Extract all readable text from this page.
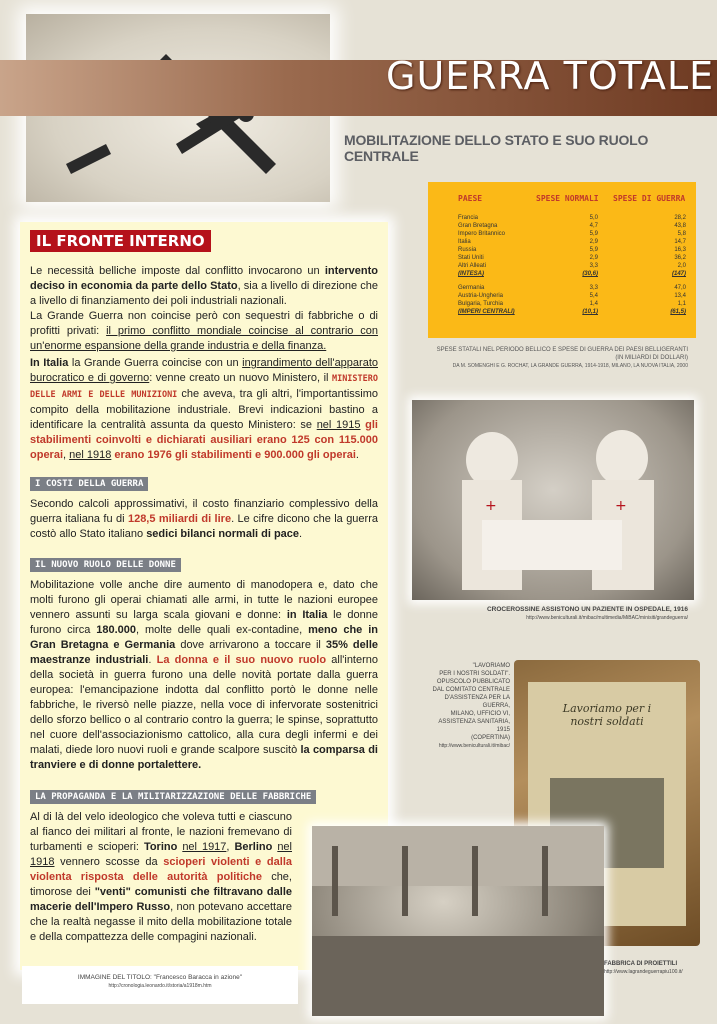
GUERRA TOTALE
MOBILITAZIONE DELLO STATO E SUO RUOLO CENTRALE
PAESE	SPESE NORMALI SPESE DI GUERRA
Francia	5,0	28,2
Gran Bretagna	4,7	43,8
Impero Britannico	5,9	5,8
Italia	2,9	14,7
Russia	5,9	16,3
Stati Uniti	2,9	36,2
Altri Alleati	3,3	2,0
(INTESA)	(30,6)	(147)
Germania	3,3	47,0
Austria-Ungheria	5,4	13,4
Bulgaria, Turchia	1,4	1,1
(IMPERI CENTRALI)	(10,1)	(61,5)
SPESE STATALI NEL PERIODO BELLICO E SPESE DI GUERRA DEI PAESI BELLIGERANTI
(IN MILIARDI DI DOLLARI)
DA M. SOMENGHI E G. ROCHAT, LA GRANDE GUERRA, 1914-1918, MILANO, LA NUOVA ITALIA, 2000
IL FRONTE INTERNO
Le necessità belliche imposte dal conflitto invocarono un intervento deciso in economia da parte dello Stato, sia a livello di direzione che a livello di finanziamento dei poli industriali nazionali.
La Grande Guerra non coincise però con sequestri di fabbriche o di profitti privati: il primo conflitto mondiale coincise al contrario con un'enorme espansione della grande industria e della finanza.
In Italia la Grande Guerra coincise con un ingrandimento dell'apparato burocratico e di governo: venne creato un nuovo Ministero, il MINISTERO DELLE ARMI E DELLE MUNIZIONI che aveva, tra gli altri, l'importantissimo compito della mobilitazione industriale. Brevi indicazioni bastino a identificare la centralità assunta da questo Ministero: se nel 1915 gli stabilimenti coinvolti e dichiarati ausiliari erano 125 con 115.000 operai, nel 1918 erano 1976 gli stabilimenti e 900.000 gli operai.
I COSTI DELLA GUERRA
Secondo calcoli approssimativi, il costo finanziario complessivo della guerra italiana fu di 128,5 miliardi di lire. Le cifre dicono che la guerra costò allo Stato italiano sedici bilanci normali di pace.
IL NUOVO RUOLO DELLE DONNE
Mobilitazione volle anche dire aumento di manodopera e, dato che molti furono gli operai chiamati alle armi, in tutte le nazioni europee vennero assunti su larga scala giovani e donne: in Italia le donne furono circa 180.000, molte delle quali ex-contadine, meno che in Gran Bretagna e Germania dove arrivarono a toccare il 35% delle maestranze industriali. La donna e il suo nuovo ruolo all'interno della società in guerra furono una delle novità portate dalla guerra europea: l'emancipazione indotta dal conflitto portò le donne nelle fabbriche, le riversò nelle piazze, nella voce di infervorate sostenitrici dello sforzo bellico o al contrario contro la guerra; le spinse, soprattutto nel cuore dell'associazionismo cattolico, alla cura degli infermi e dei malati, diede loro nuovi ruoli e grande scalpore suscitò la comparsa di tranviere e di donne portalettere.
LA PROPAGANDA E LA MILITARIZZAZIONE DELLE FABBRICHE
Al di là del velo ideologico che voleva tutti e ciascuno al fianco dei militari al fronte, le nazioni fremevano di turbamenti e scioperi: Torino nel 1917, Berlino nel 1918 vennero scosse da scioperi violenti e dalla violenta risposta delle autorità politiche che, timorose dei "venti" comunisti che filtravano dalle macerie dell'Impero Russo, non potevano accettare che la realtà negasse il mito della mobilitazione totale e della compattezza delle compagini nazionali.
+	+
CROCEROSSINE ASSISTONO UN PAZIENTE IN OSPEDALE, 1916
http://www.beniculturali.it/mibac/multimedia/MiBAC/minisiti/grandeguerra/
"LAVORIAMO
PER I NOSTRI SOLDATI".
OPUSCOLO PUBBLICATO
DAL COMITATO CENTRALE
D'ASSISTENZA PER LA GUERRA,
MILANO, UFFICIO VI,
ASSISTENZA SANITARIA, 1915
(COPERTINA)
http://www.beniculturali.it/mibac/
Lavoriamo per i nostri soldati
FABBRICA DI PROIETTILI
http://www.lagrandeguerrapiu100.it/
IMMAGINE DEL TITOLO: "Francesco Baracca in azione"
http://cronologia.leonardo.it/storia/a1918m.htm
